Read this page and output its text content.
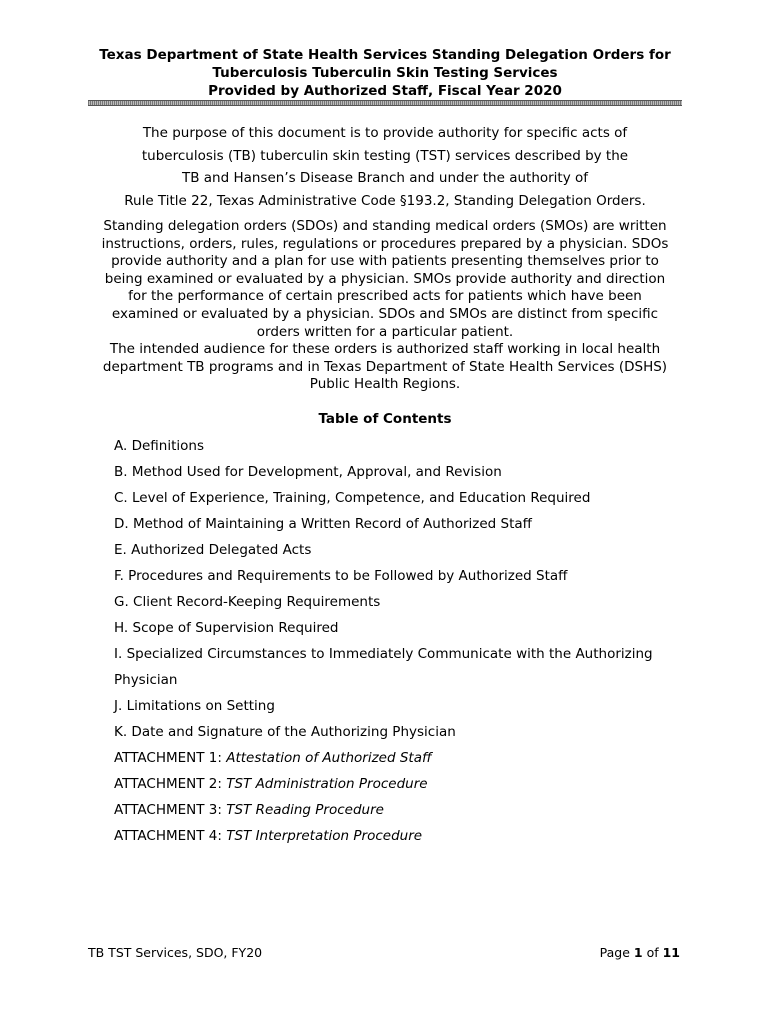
Texas Department of State Health Services Standing Delegation Orders for
Tuberculosis Tuberculin Skin Testing Services
Provided by Authorized Staff, Fiscal Year 2020
The purpose of this document is to provide authority for specific acts of
tuberculosis (TB) tuberculin skin testing (TST) services described by the
TB and Hansen’s Disease Branch and under the authority of
Rule Title 22, Texas Administrative Code §193.2, Standing Delegation Orders.
Standing delegation orders (SDOs) and standing medical orders (SMOs) are written
instructions, orders, rules, regulations or procedures prepared by a physician. SDOs
provide authority and a plan for use with patients presenting themselves prior to
being examined or evaluated by a physician. SMOs provide authority and direction
for the performance of certain prescribed acts for patients which have been
examined or evaluated by a physician. SDOs and SMOs are distinct from specific
orders written for a particular patient.
The intended audience for these orders is authorized staff working in local health
department TB programs and in Texas Department of State Health Services (DSHS)
Public Health Regions.
Table of Contents
A. Definitions
B. Method Used for Development, Approval, and Revision
C. Level of Experience, Training, Competence, and Education Required
D. Method of Maintaining a Written Record of Authorized Staff
E. Authorized Delegated Acts
F. Procedures and Requirements to be Followed by Authorized Staff
G. Client Record-Keeping Requirements
H. Scope of Supervision Required
I. Specialized Circumstances to Immediately Communicate with the Authorizing
Physician
J. Limitations on Setting
K. Date and Signature of the Authorizing Physician
ATTACHMENT 1: Attestation of Authorized Staff
ATTACHMENT 2: TST Administration Procedure
ATTACHMENT 3: TST Reading Procedure
ATTACHMENT 4: TST Interpretation Procedure
TB TST Services, SDO, FY20	Page 1 of 11
